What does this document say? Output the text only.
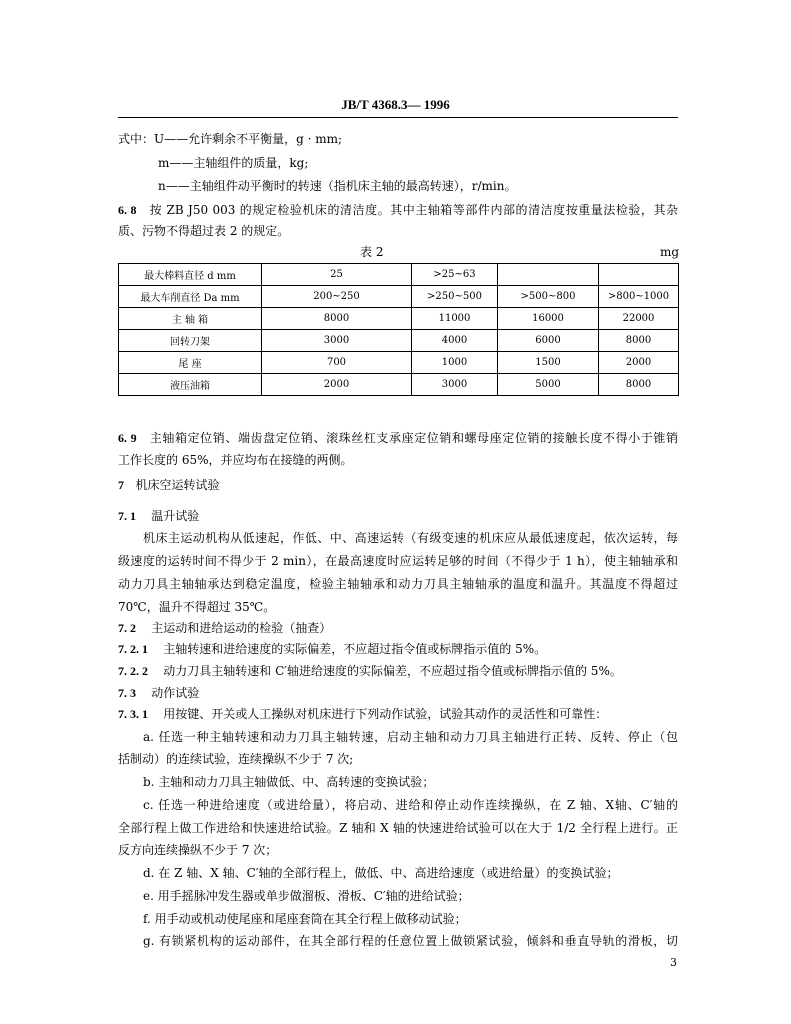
JB/T 4368.3— 1996
式中：U——允许剩余不平衡量，g · mm;
m——主轴组件的质量，kg;
n——主轴组件动平衡时的转速（指机床主轴的最高转速），r/min。
6. 8 按 ZB J50 003 的规定检验机床的清洁度。其中主轴箱等部件内部的清洁度按重量法检验，其杂
质、污物不得超过表 2 的规定。
表 2	mg
最大棒料直径 d mm	25	>25~63		
最大车削直径 Da mm	200~250	>250~500	>500~800	>800~1000
主 轴 箱	8000	11000	16000	22000
回转刀架	3000	4000	6000	8000
尾 座	700	1000	1500	2000
液压油箱	2000	3000	5000	8000
6. 9 主轴箱定位销、端齿盘定位销、滚珠丝杠支承座定位销和螺母座定位销的接触长度不得小于锥销
工作长度的 65%，并应均布在接缝的两侧。
7 机床空运转试验
7. 1 温升试验
机床主运动机构从低速起，作低、中、高速运转（有级变速的机床应从最低速度起，依次运转，每
级速度的运转时间不得少于 2 min），在最高速度时应运转足够的时间（不得少于 1 h），使主轴轴承和
动力刀具主轴轴承达到稳定温度，检验主轴轴承和动力刀具主轴轴承的温度和温升。其温度不得超过
70℃，温升不得超过 35℃。
7. 2 主运动和进给运动的检验（抽查）
7. 2. 1 主轴转速和进给速度的实际偏差，不应超过指令值或标牌指示值的 5%。
7. 2. 2 动力刀具主轴转速和 C′轴进给速度的实际偏差，不应超过指令值或标牌指示值的 5%。
7. 3 动作试验
7. 3. 1 用按键、开关或人工操纵对机床进行下列动作试验，试验其动作的灵活性和可靠性：
a. 任选一种主轴转速和动力刀具主轴转速，启动主轴和动力刀具主轴进行正转、反转、停止（包
括制动）的连续试验，连续操纵不少于 7 次;
b. 主轴和动力刀具主轴做低、中、高转速的变换试验；
c. 任选一种进给速度（或进给量），将启动、进给和停止动作连续操纵，在 Z 轴、X轴、C′轴的
全部行程上做工作进给和快速进给试验。Z 轴和 X 轴的快速进给试验可以在大于 1/2 全行程上进行。正
反方向连续操纵不少于 7 次；
d. 在 Z 轴、X 轴、C′轴的全部行程上，做低、中、高进给速度（或进给量）的变换试验；
e. 用手摇脉冲发生器或单步做溜板、滑板、C′轴的进给试验；
f. 用手动或机动使尾座和尾座套筒在其全行程上做移动试验；
g. 有锁紧机构的运动部件，在其全部行程的任意位置上做锁紧试验，倾斜和垂直导轨的滑板，切
3
